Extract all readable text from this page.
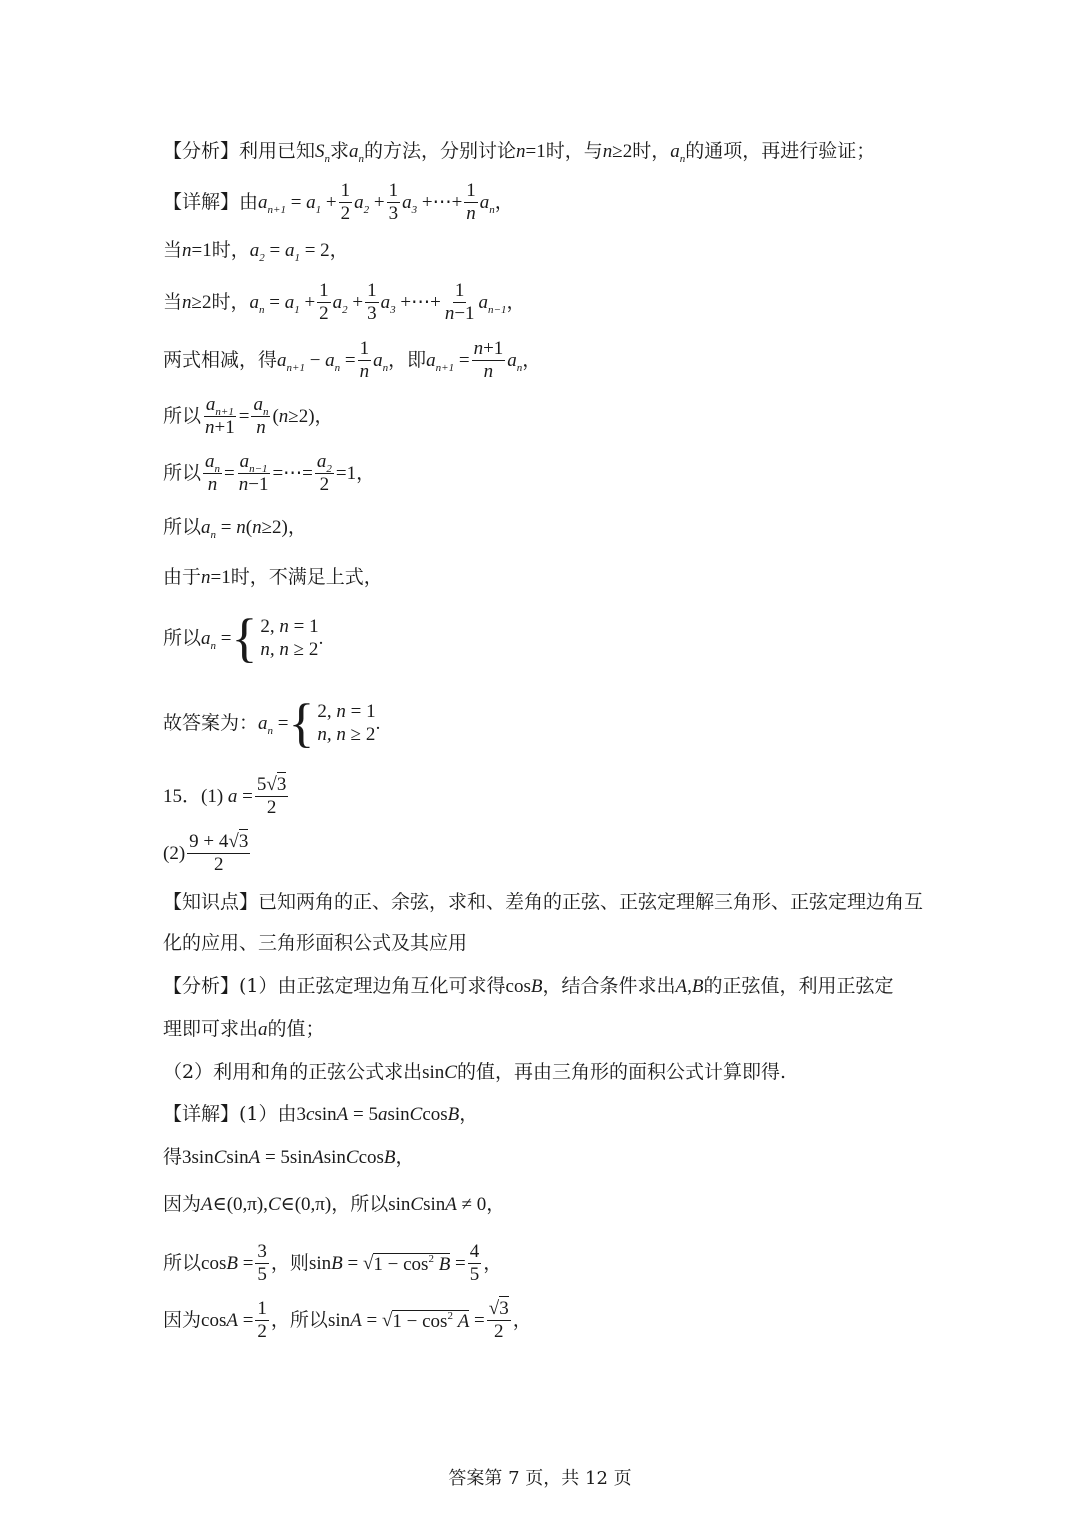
【分析】利用已知 $S_n$ 求 $a_n$ 的方法，分别讨论 n =1 时，与 n ≥2 时， $a_n$ 的通项，再进行验证；
【详解】由 $a_{n+1} = a_1 + \frac{1}{2} a_2 + \frac{1}{3} a_3$ +⋯+ $\frac{1}{n} a_n$ ，
当 n =1 时， $a_2 = a_1 = 2$，
当 n ≥2 时， $a_n = a_1 + \frac{1}{2} a_2 + \frac{1}{3} a_3$ +⋯+ $\frac{1}{n-1} a_{n-1}$ ，
两式相减，得 $a_{n+1} - a_n = \frac{1}{n} a_n$ ，即 $a_{n+1} = \frac{n+1}{n} a_n$ ，
所以 $\frac{a_{n+1}}{n+1} = \frac{a_n}{n}$ ( n ≥2)，
所以 $\frac{a_n}{n} = \frac{a_{n-1}}{n-1}$ =⋯= $\frac{a_2}{2} =1$，
所以 $a_n = n$ ( n ≥2)，
由于 n =1 时，不满足上式，
所以 $a_n$ = { 2, n = 1
n, n ≥ 2
.
故答案为： $a_n$ = { 2, n = 1
n, n ≥ 2
.
15．(1) $a = \frac{5√3}{2}$
$(2) \frac{9 + 4√3}{2}$
【知识点】已知两角的正、余弦，求和、差角的正弦、正弦定理解三角形、正弦定理边角互
化的应用、三角形面积公式及其应用
【分析】(1）由正弦定理边角互化可求得 cos B ，结合条件求出 A , B 的正弦值，利用正弦定
理即可求出 a 的值；
（2）利用和角的正弦公式求出 sin C 的值，再由三角形的面积公式计算即得.
【详解】(1）由 3 c sin A = 5 a sin C cos B ，
得 3sin C sin A = 5sin A sin C cos B ，
因为 A ∈(0,π), C ∈(0,π) ，所以 sin C sin A ≠ 0，
所以 $\cos B = \frac{3}{5}$ ，则 sin B = √ $1 - \cos^2 B = \frac{4}{5}$ ，
因为 $\cos A = \frac{1}{2}$ ，所以 sin A = √ $1 - \cos^2 A = \frac{√3}{2}$ ，
答案第 7 页，共 12 页
